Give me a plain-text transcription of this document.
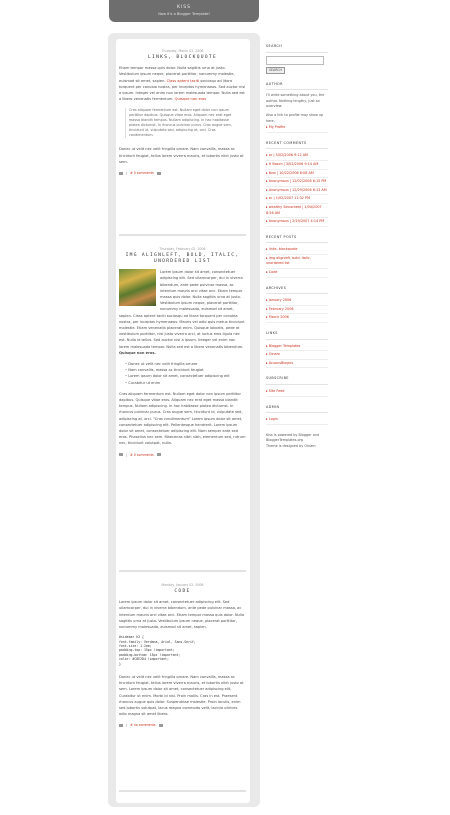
KISS
Now it's a Blogger Template!
Thursday, March 02, 2006
LINKS, BLOCKQUOTE

Etiam tempor massa quis dolor. Nulla sagittis urna at justo. Vestibulum ipsum neque, placerat porttitor, nonummy molestie, euismod sit amet, sapien. Class aptent taciti sociosqu ad litora torquent per conubia nostra, per inceptos hymenaeos. Sed auctor nisl a ipsum. Integer vel enim non lorem malesuada tempor. Nulla sed est a libero venenatis fermentum. Quisque non eros

Cras aliquam fermentum est. Nullam eget dolor non ipsum porttitor dapibus. Quisque vitae eros. Aliquam nec erat eget massa blandit tempus. Nullam adipiscing. In hac habitasse platea dictumst. In rhoncus pulvinar purus. Cras augue sem, tincidunt id, vulputate sed, adipiscing at, orci. Cras condimentum.

Donec ut velit nec velit fringilla ornare. Nam convallis, massa ac tincidunt feugiat, tellus lorem viverra mauris, et lobortis nibh justo at sem.

| # 0 comments
Thursday, February 02, 2006
IMG ALIGNLEFT, BOLD, ITALIC, UNORDERED LIST

Lorem ipsum dolor sit amet, consectetuer adipiscing elit. Sed ullamcorper, dui in viverra bibendum, ante pede pulvinar massa, ac interdum mauris orci vitae orci. Etiam tempor massa quis dolor. Nulla sagittis urna at justo. Vestibulum ipsum neque, placerat porttitor, nonummy malesuada, euismod sit amet, sapien. Class aptent taciti sociosqu ad litora torquent per conubia nostra, per inceptos hymenaeos. Mauris vel odio quis metus tincidunt molestie. Etiam venenatis placerat enim. Quisque lobortis, pede at vestibulum porttitor, nisl justo viverra orci, at luctus eros ligula nec est. Nulla id tellus. Sed auctor nisl a ipsum. Integer vel enim non lorem malesuada tempor. Nulla sed est a libero venenatis bibendum. Quisque non eros.

• Donec ut velit nec velit fringilla ornare
• Nam convallis, massa ac tincidunt feugiat
• Lorem ipsum dolor sit amet, consectetuer adipiscing elit
• Curabitur ut enim

Cras aliquam fermentum est. Nullam eget dolor non ipsum porttitor dapibus. Quisque vitae eros. Aliquam nec erat eget massa blandit tempus. Nullam adipiscing. In hac habitasse platea dictumst. In rhoncus pulvinar purus. Cras augue sem, tincidunt id, vulputate sed, adipiscing at, orci. "Cras condimentum" Lorem ipsum dolor sit amet, consectetuer adipiscing elit. Pellentesque hendrerit. Lorem ipsum dolor sit amet, consectetuer adipiscing elit. Nam semper ante sed eros. Phasellus nec sem. Maecenas nibh nibh, elementum sed, rutrum nec, tincidunt volutpat, nulla.

| # 0 comments
Monday, January 02, 2006
CODE

Lorem ipsum dolor sit amet, consectetuer adipiscing elit. Sed ullamcorper, dui in viverra bibendum, ante pede pulvinar massa, ac interdum mauris orci vitae orci. Etiam tempor massa quis dolor. Nulla sagittis urna at justo. Vestibulum ipsum neque, placerat porttitor, nonummy malesuada, euismod sit amet, sapien.

#sidebar h2 {
font-family: Verdana, Arial, Sans-Serif;
font-size: 1.2em;
padding-top: 15px !important;
padding-bottom: 15px !important;
color: #C8E2D4 !important;
}

Donec ut velit nec velit fringilla ornare. Nam convallis, massa ac tincidunt feugiat, tellus lorem viverra mauris, et lobortis nibh justo at sem. Lorem ipsum dolor sit amet, consectetuer adipiscing elit. Curabitur ut enim. Morbi id nisl. Proin mollis. Cras in est. Praesent rhoncus augue quis dolor. Suspendisse molestie. Proin iaculis, enim sed lobortis volutpat, lacus magna commodo velit, lacinia ultrices odio magna sit amet libero.

| # no comments
SEARCH
SEARCH
AUTHOR
I'll write something about you, the author. Nothing lengthy, just an overview.
Also a link to profile may show up here.
▸ My Profile
RECENT COMMENTS
▸ ar | 3/02/2006 9:12 AM
▸ H Bosch | 3/02/2006 9:14 AM
▸ Brot | 10/22/2006 6:08 AM
▸ Anonymous | 12/02/2006 6:15 PM
▸ Anonymous | 12/29/2006 6:13 AM
▸ sc | 1/02/2007 11:32 PM
▸ wealthy Seicontest | 1/04/2007 8:56 AM
▸ Anonymous | 2/19/2007 4:14 PM
RECENT POSTS
▸ links, blockquote
▸ img alignleft, bold, italic, unordered list
▸ Code
ARCHIVES
▸ January 2006
▸ February 2006
▸ March 2006
LINKS
▸ Blogger Templates
▸ Oinam
▸ AcuonsBlogics
SUBSCRIBE
▸ Site Feed
ADMIN
▸ Login
Kiss is powered by Blogger and BloggerTemplates.org
Theme is designed by Oinam
